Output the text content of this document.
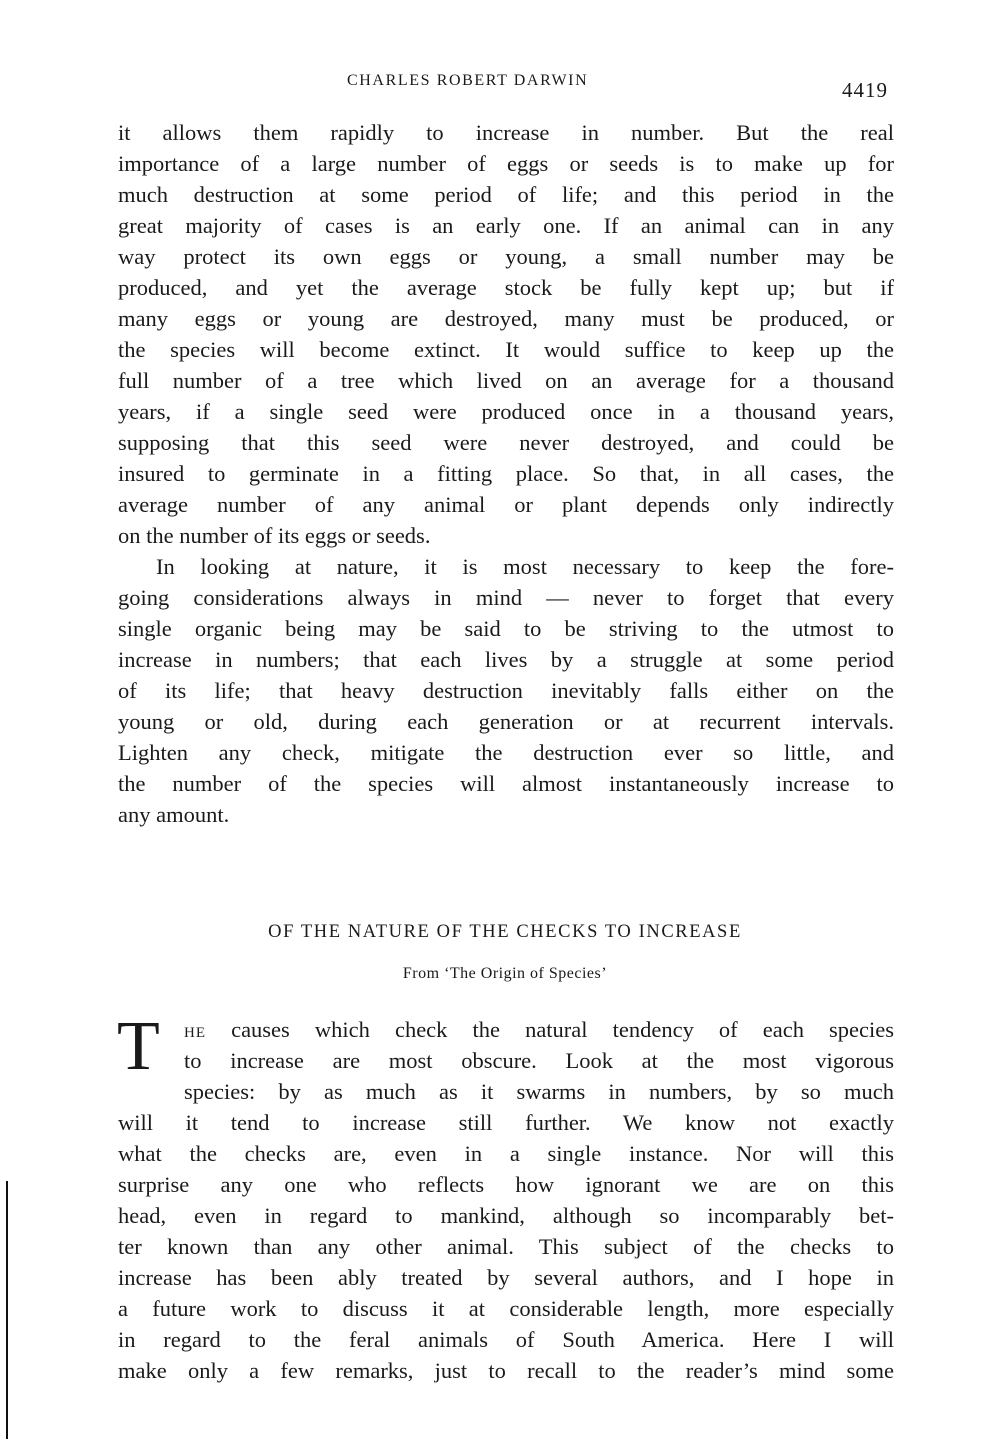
CHARLES ROBERT DARWIN	4419
it allows them rapidly to increase in number. But the real
importance of a large number of eggs or seeds is to make up for
much destruction at some period of life; and this period in the
great majority of cases is an early one. If an animal can in any
way protect its own eggs or young, a small number may be
produced, and yet the average stock be fully kept up; but if
many eggs or young are destroyed, many must be produced, or
the species will become extinct. It would suffice to keep up the
full number of a tree which lived on an average for a thousand
years, if a single seed were produced once in a thousand years,
supposing that this seed were never destroyed, and could be
insured to germinate in a fitting place. So that, in all cases, the
average number of any animal or plant depends only indirectly
on the number of its eggs or seeds.
In looking at nature, it is most necessary to keep the fore-
going considerations always in mind — never to forget that every
single organic being may be said to be striving to the utmost to
increase in numbers; that each lives by a struggle at some period
of its life; that heavy destruction inevitably falls either on the
young or old, during each generation or at recurrent intervals.
Lighten any check, mitigate the destruction ever so little, and
the number of the species will almost instantaneously increase to
any amount.
OF THE NATURE OF THE CHECKS TO INCREASE
From ‘The Origin of Species’
T	HE causes which check the natural tendency of each species
to increase are most obscure. Look at the most vigorous
species: by as much as it swarms in numbers, by so much
will it tend to increase still further. We know not exactly
what the checks are, even in a single instance. Nor will this
surprise any one who reflects how ignorant we are on this
head, even in regard to mankind, although so incomparably bet-
ter known than any other animal. This subject of the checks to
increase has been ably treated by several authors, and I hope in
a future work to discuss it at considerable length, more especially
in regard to the feral animals of South America. Here I will
make only a few remarks, just to recall to the reader’s mind some
